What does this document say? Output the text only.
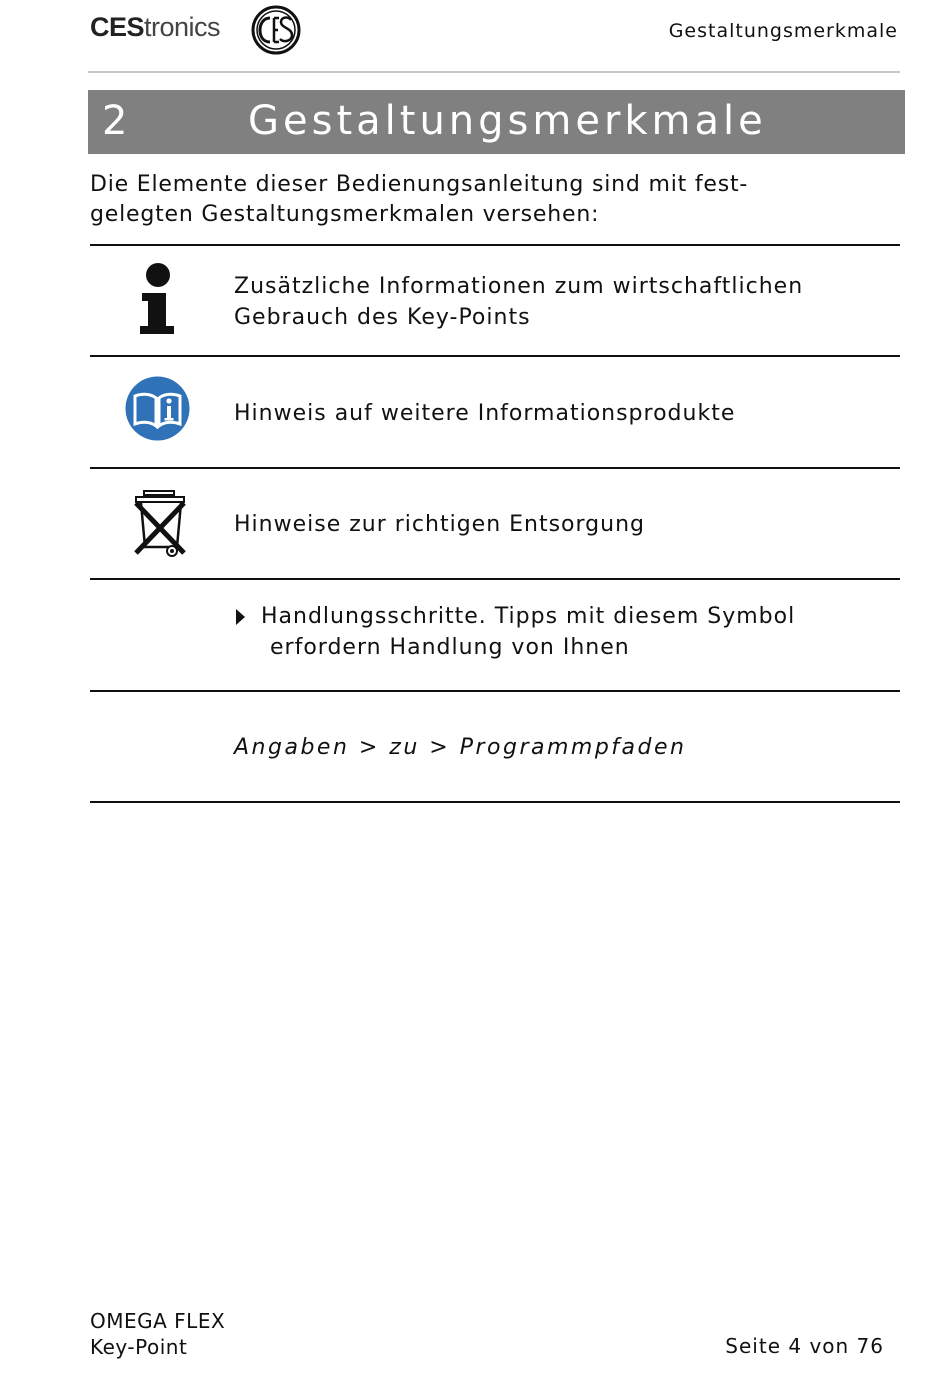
CEStronics	Gestaltungsmerkmale
2	Gestaltungsmerkmale
Die Elemente dieser Bedienungsanleitung sind mit fest-
gelegten Gestaltungsmerkmalen versehen:
Zusätzliche Informationen zum wirtschaftlichen
Gebrauch des Key-Points
Hinweis auf weitere Informationsprodukte
Hinweise zur richtigen Entsorgung
Handlungsschritte. Tipps mit diesem Symbol
erfordern Handlung von Ihnen
Angaben > zu > Programmpfaden
OMEGA FLEX
Key-Point	Seite 4 von 76
